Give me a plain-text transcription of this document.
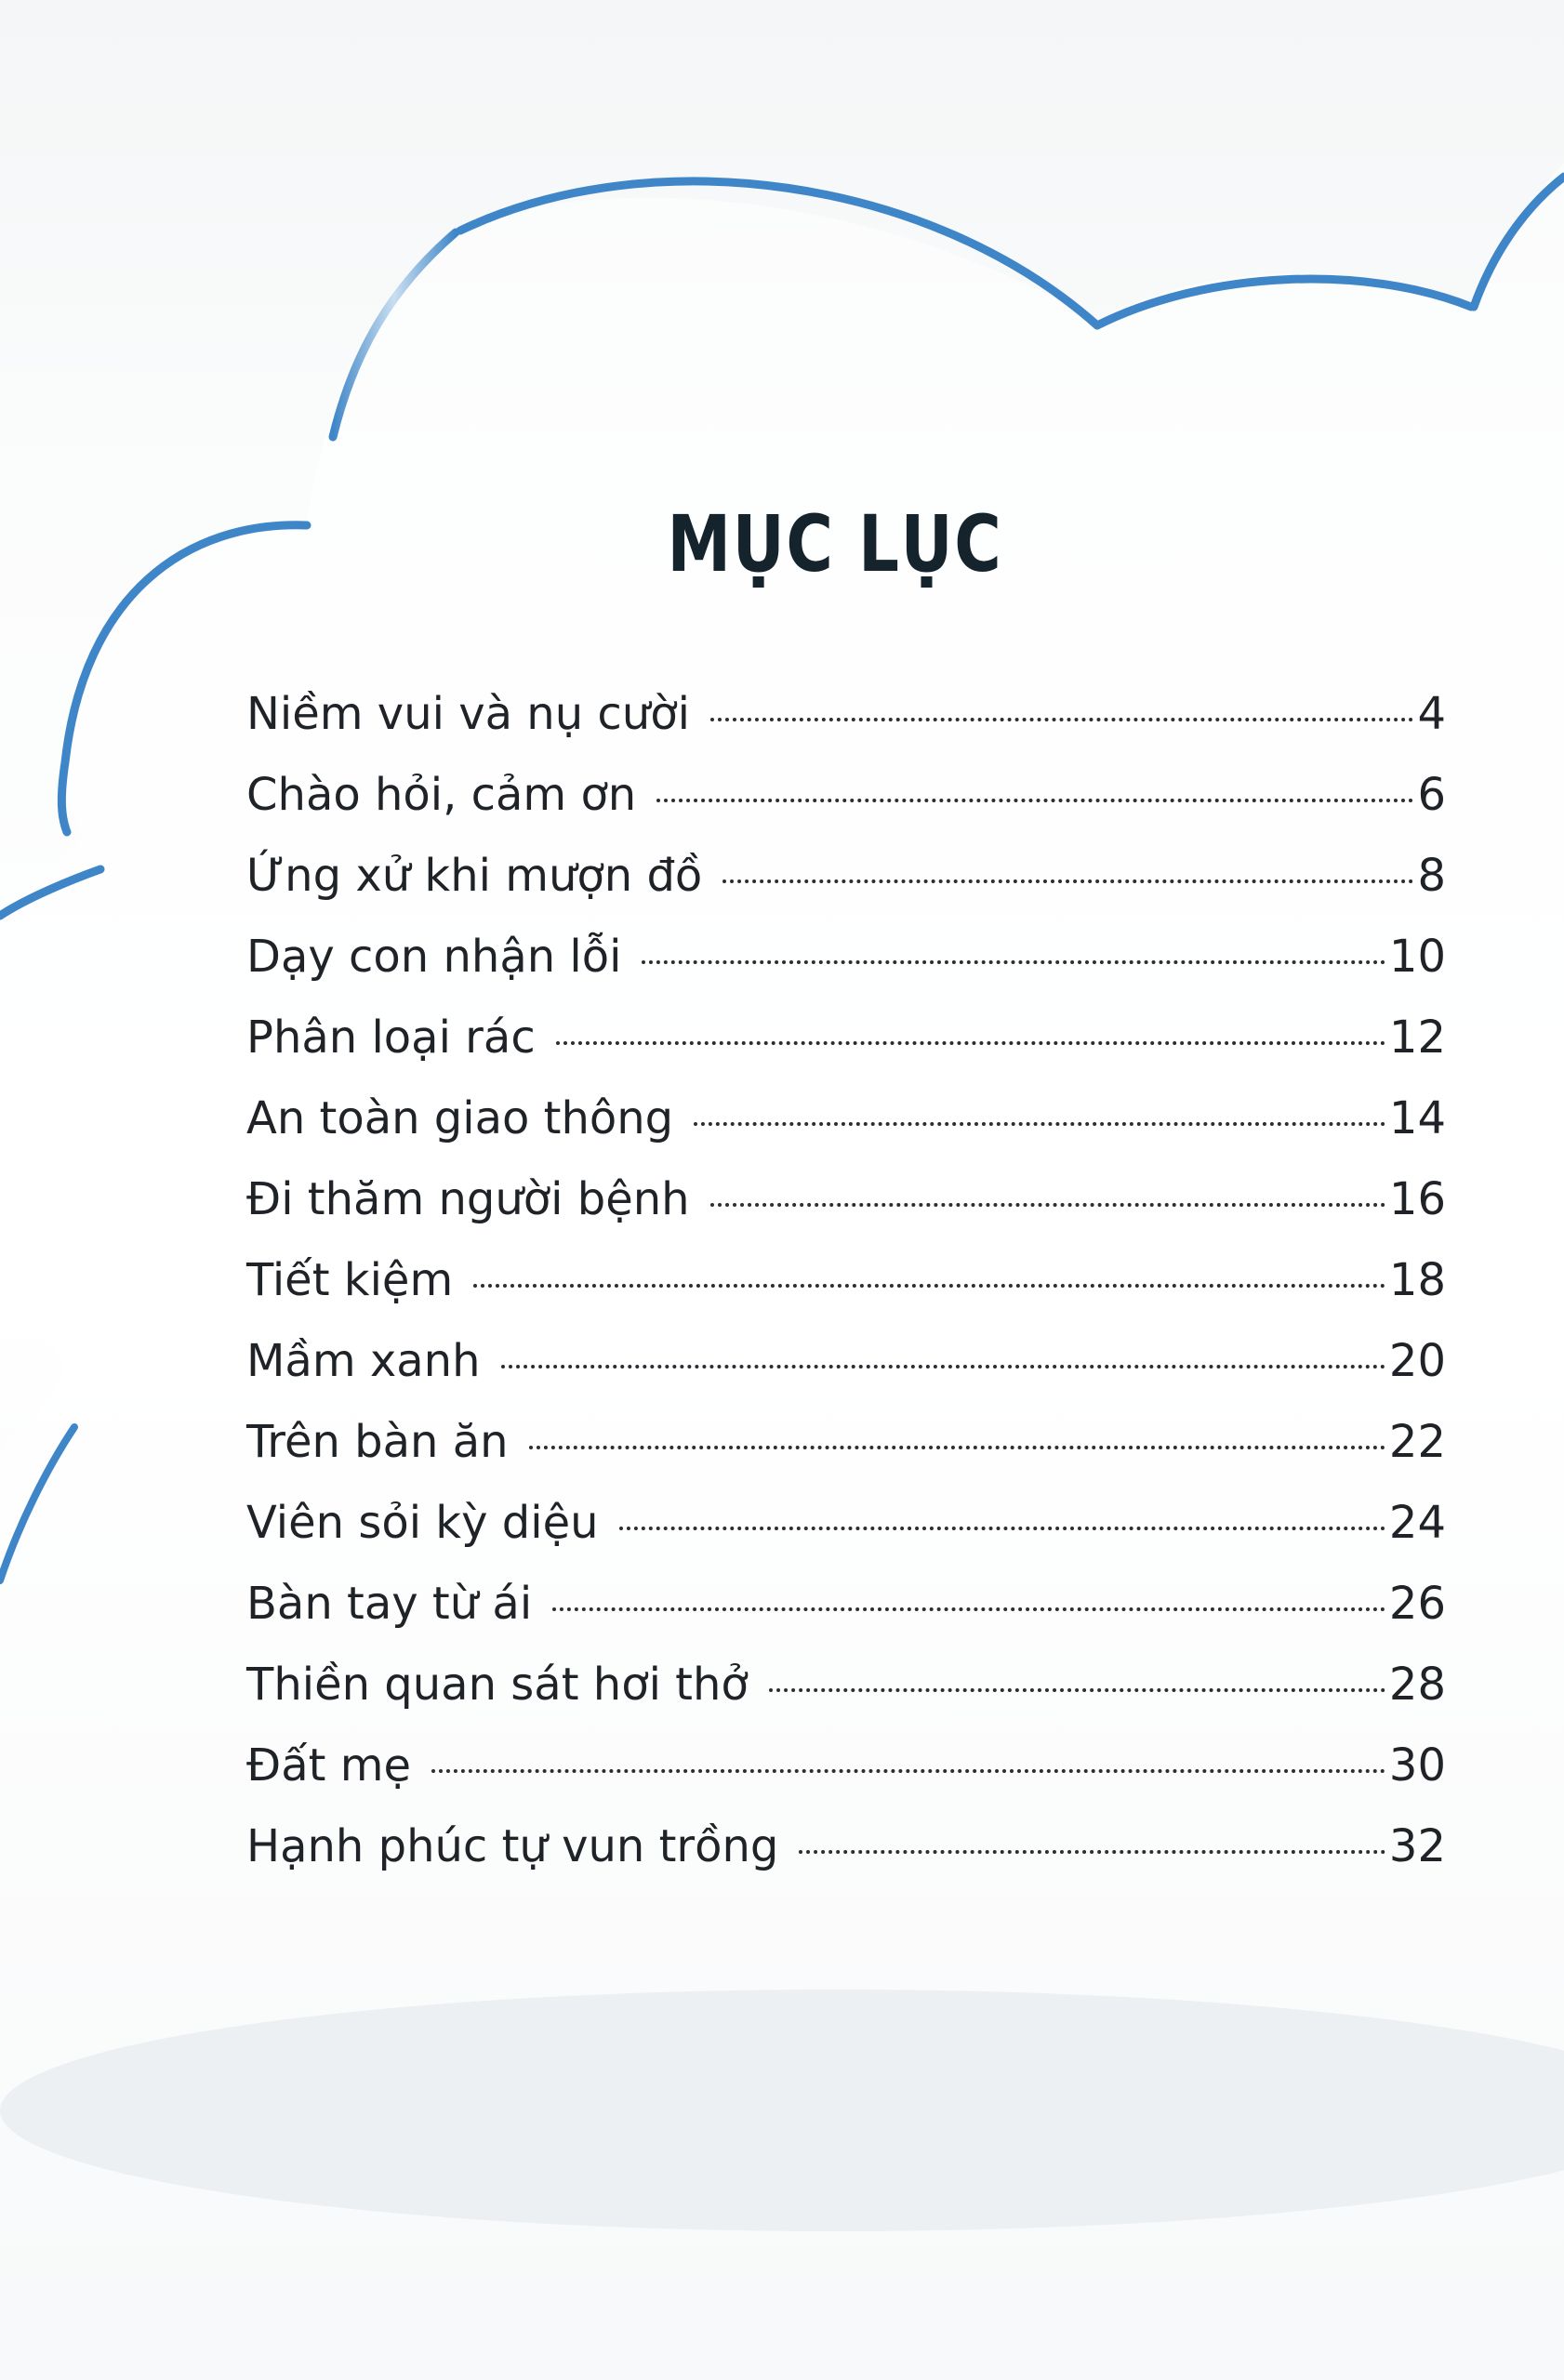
MỤC LỤC
Niềm vui và nụ cười	4
Chào hỏi, cảm ơn	6
Ứng xử khi mượn đồ	8
Dạy con nhận lỗi	10
Phân loại rác	12
An toàn giao thông	14
Đi thăm người bệnh	16
Tiết kiệm	18
Mầm xanh	20
Trên bàn ăn	22
Viên sỏi kỳ diệu	24
Bàn tay từ ái	26
Thiền quan sát hơi thở	28
Đất mẹ	30
Hạnh phúc tự vun trồng	32
